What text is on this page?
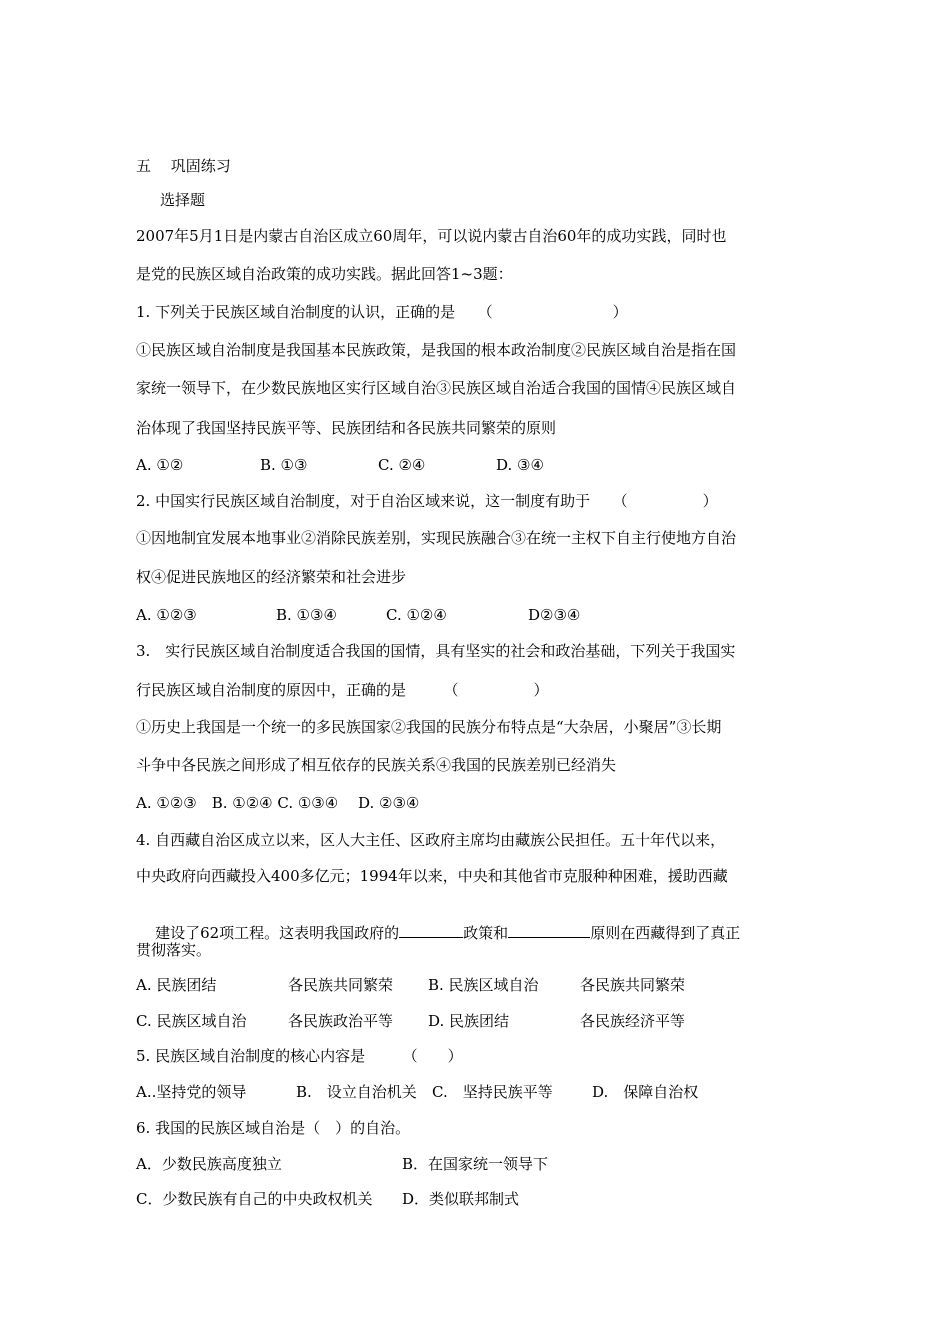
五　 巩固练习
选择题
2007年5月1日是内蒙古自治区成立60周年，可以说内蒙古自治60年的成功实践，同时也
是党的民族区域自治政策的成功实践。据此回答1~3题：
1. 下列关于民族区域自治制度的认识，正确的是　　（　　　　　　　　）
①民族区域自治制度是我国基本民族政策，是我国的根本政治制度②民族区域自治是指在国
家统一领导下，在少数民族地区实行区域自治③民族区域自治适合我国的国情④民族区域自
治体现了我国坚持民族平等、民族团结和各民族共同繁荣的原则
A. ①②	B. ①③	C. ②④	D. ③④
2. 中国实行民族区域自治制度，对于自治区域来说，这一制度有助于　　（　　　　　）
①因地制宜发展本地事业②消除民族差别，实现民族融合③在统一主权下自主行使地方自治
权④促进民族地区的经济繁荣和社会进步
A. ①②③	B. ①③④	C. ①②④	D②③④
3.　实行民族区域自治制度适合我国的国情，具有坚实的社会和政治基础，下列关于我国实
行民族区域自治制度的原因中，正确的是　　　（　　　　　）
①历史上我国是一个统一的多民族国家②我国的民族分布特点是“大杂居，小聚居”③长期
斗争中各民族之间形成了相互依存的民族关系④我国的民族差别已经消失
A. ①②③　B. ①②④ C. ①③④　 D. ②③④
4. 自西藏自治区成立以来，区人大主任、区政府主席均由藏族公民担任。五十年代以来，
中央政府向西藏投入400多亿元；1994年以来，中央和其他省市克服种种困难，援助西藏

建设了62项工程。这表明我国政府的	政策和	原则在西藏得到了真正

贯彻落实。
A. 民族团结	各民族共同繁荣 B. 民族区域自治	各民族共同繁荣
C. 民族区域自治	各民族政治平等 D. 民族团结	各民族经济平等
5. 民族区域自治制度的核心内容是　　　（　　）
A..坚持党的领导	B.　设立自治机关 C.　坚持民族平等	D.　保障自治权
6. 我国的民族区域自治是（　）的自治。
A．少数民族高度独立	B．在国家统一领导下
C．少数民族有自己的中央政权机关 D．类似联邦制式
